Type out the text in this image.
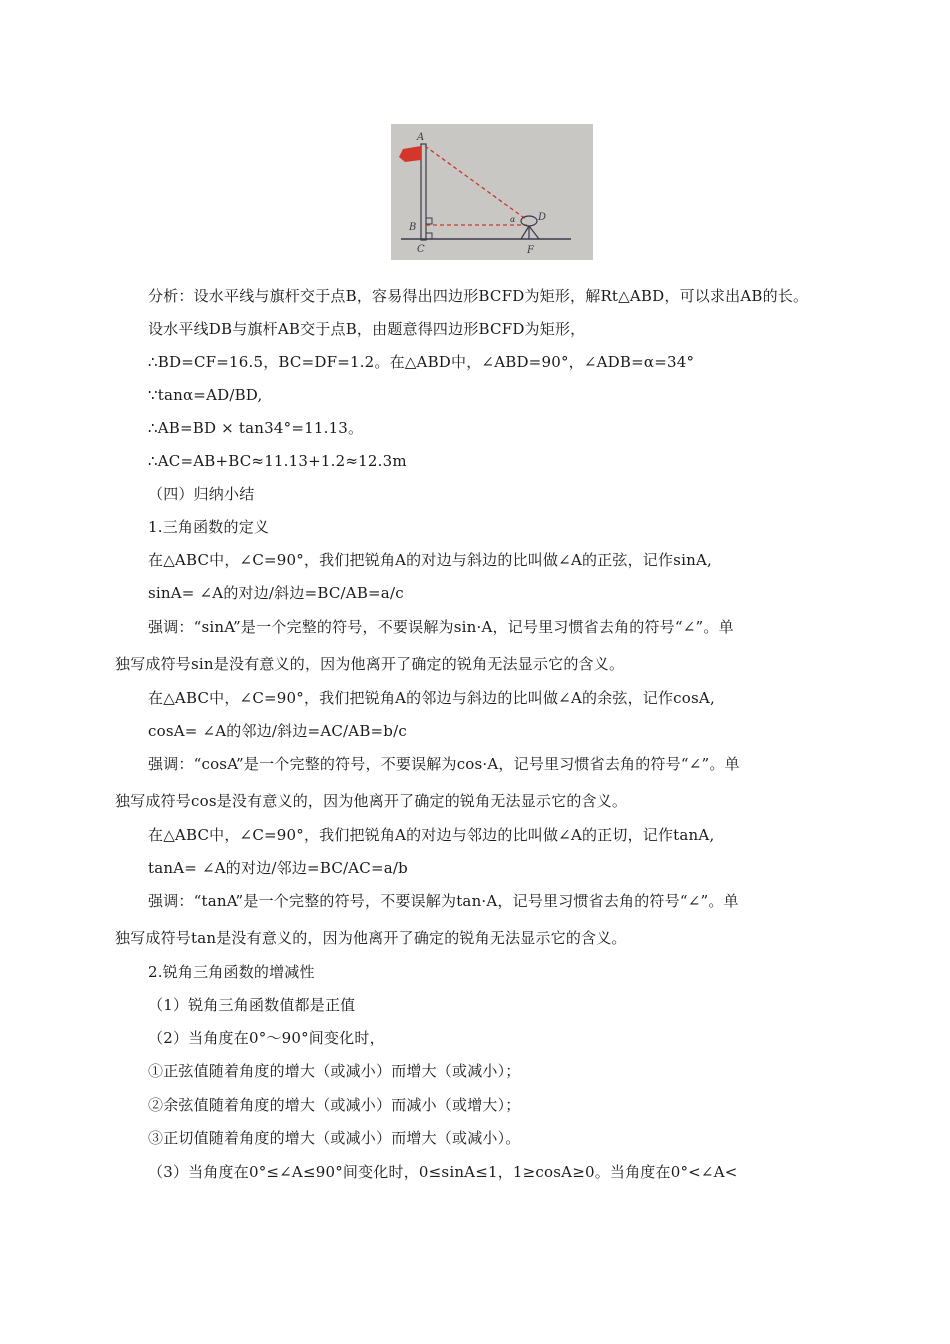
A
B
C
D
F
α
分析：设水平线与旗杆交于点B，容易得出四边形BCFD为矩形，解Rt△ABD，可以求出AB的长。
设水平线DB与旗杆AB交于点B，由题意得四边形BCFD为矩形，
∴BD=CF=16.5，BC=DF=1.2。在△ABD中，∠ABD=90°，∠ADB=α=34°
∵tanα=AD/BD,
∴AB=BD × tan34°=11.13。
∴AC=AB+BC≈11.13+1.2≈12.3m
（四）归纳小结
1.三角函数的定义
在△ABC中，∠C=90°，我们把锐角A的对边与斜边的比叫做∠A的正弦，记作sinA,
sinA= ∠A的对边/斜边=BC/AB=a/c
强调：“sinA”是一个完整的符号，不要误解为sin·A，记号里习惯省去角的符号“∠”。单
独写成符号sin是没有意义的，因为他离开了确定的锐角无法显示它的含义。
在△ABC中，∠C=90°，我们把锐角A的邻边与斜边的比叫做∠A的余弦，记作cosA,
cosA= ∠A的邻边/斜边=AC/AB=b/c
强调：“cosA”是一个完整的符号，不要误解为cos·A，记号里习惯省去角的符号“∠”。单
独写成符号cos是没有意义的，因为他离开了确定的锐角无法显示它的含义。
在△ABC中，∠C=90°，我们把锐角A的对边与邻边的比叫做∠A的正切，记作tanA,
tanA= ∠A的对边/邻边=BC/AC=a/b
强调：“tanA”是一个完整的符号，不要误解为tan·A，记号里习惯省去角的符号“∠”。单
独写成符号tan是没有意义的，因为他离开了确定的锐角无法显示它的含义。
2.锐角三角函数的增减性
（1）锐角三角函数值都是正值
（2）当角度在0°～90°间变化时，
①正弦值随着角度的增大（或减小）而增大（或减小）；
②余弦值随着角度的增大（或减小）而减小（或增大）；
③正切值随着角度的增大（或减小）而增大（或减小）。
（3）当角度在0°≤∠A≤90°间变化时，0≤sinA≤1，1≥cosA≥0。当角度在0°<∠A<
